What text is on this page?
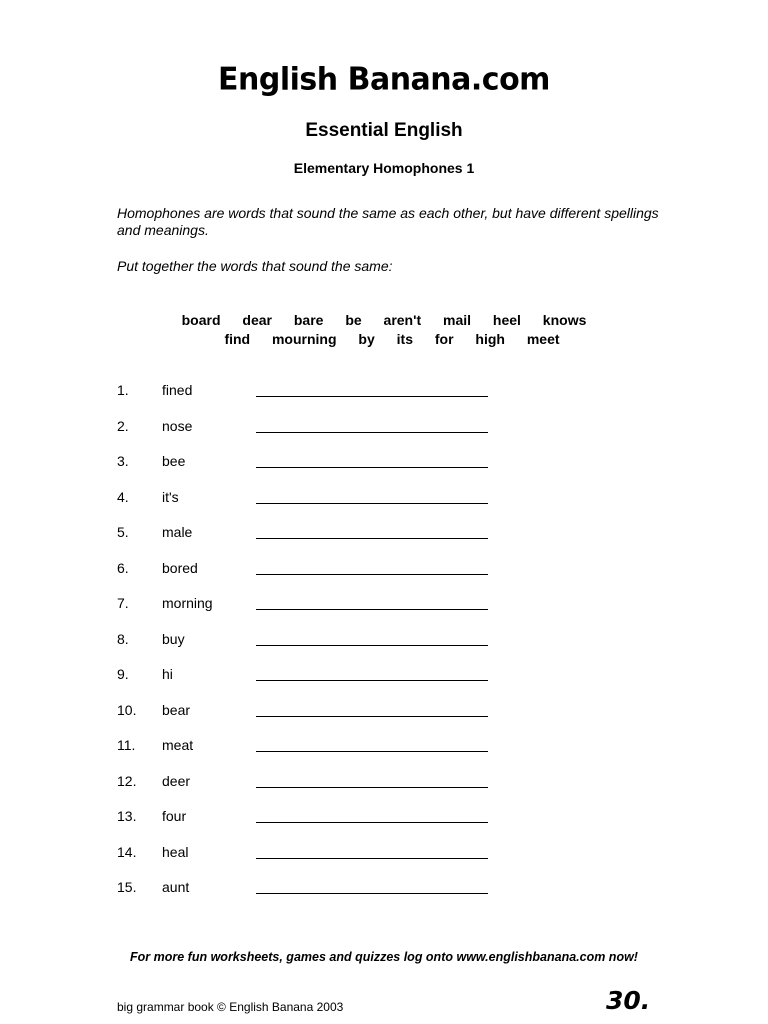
English Banana.com
Essential English
Elementary Homophones 1
Homophones are words that sound the same as each other, but have different spellings and meanings.
Put together the words that sound the same:
board dear bare be aren't mail heel knows
find mourning by its for high meet
1. fined
2. nose
3. bee
4. it's
5. male
6. bored
7. morning
8. buy
9. hi
10. bear
11. meat
12. deer
13. four
14. heal
15. aunt
For more fun worksheets, games and quizzes log onto www.englishbanana.com now!
big grammar book © English Banana 2003	30.
